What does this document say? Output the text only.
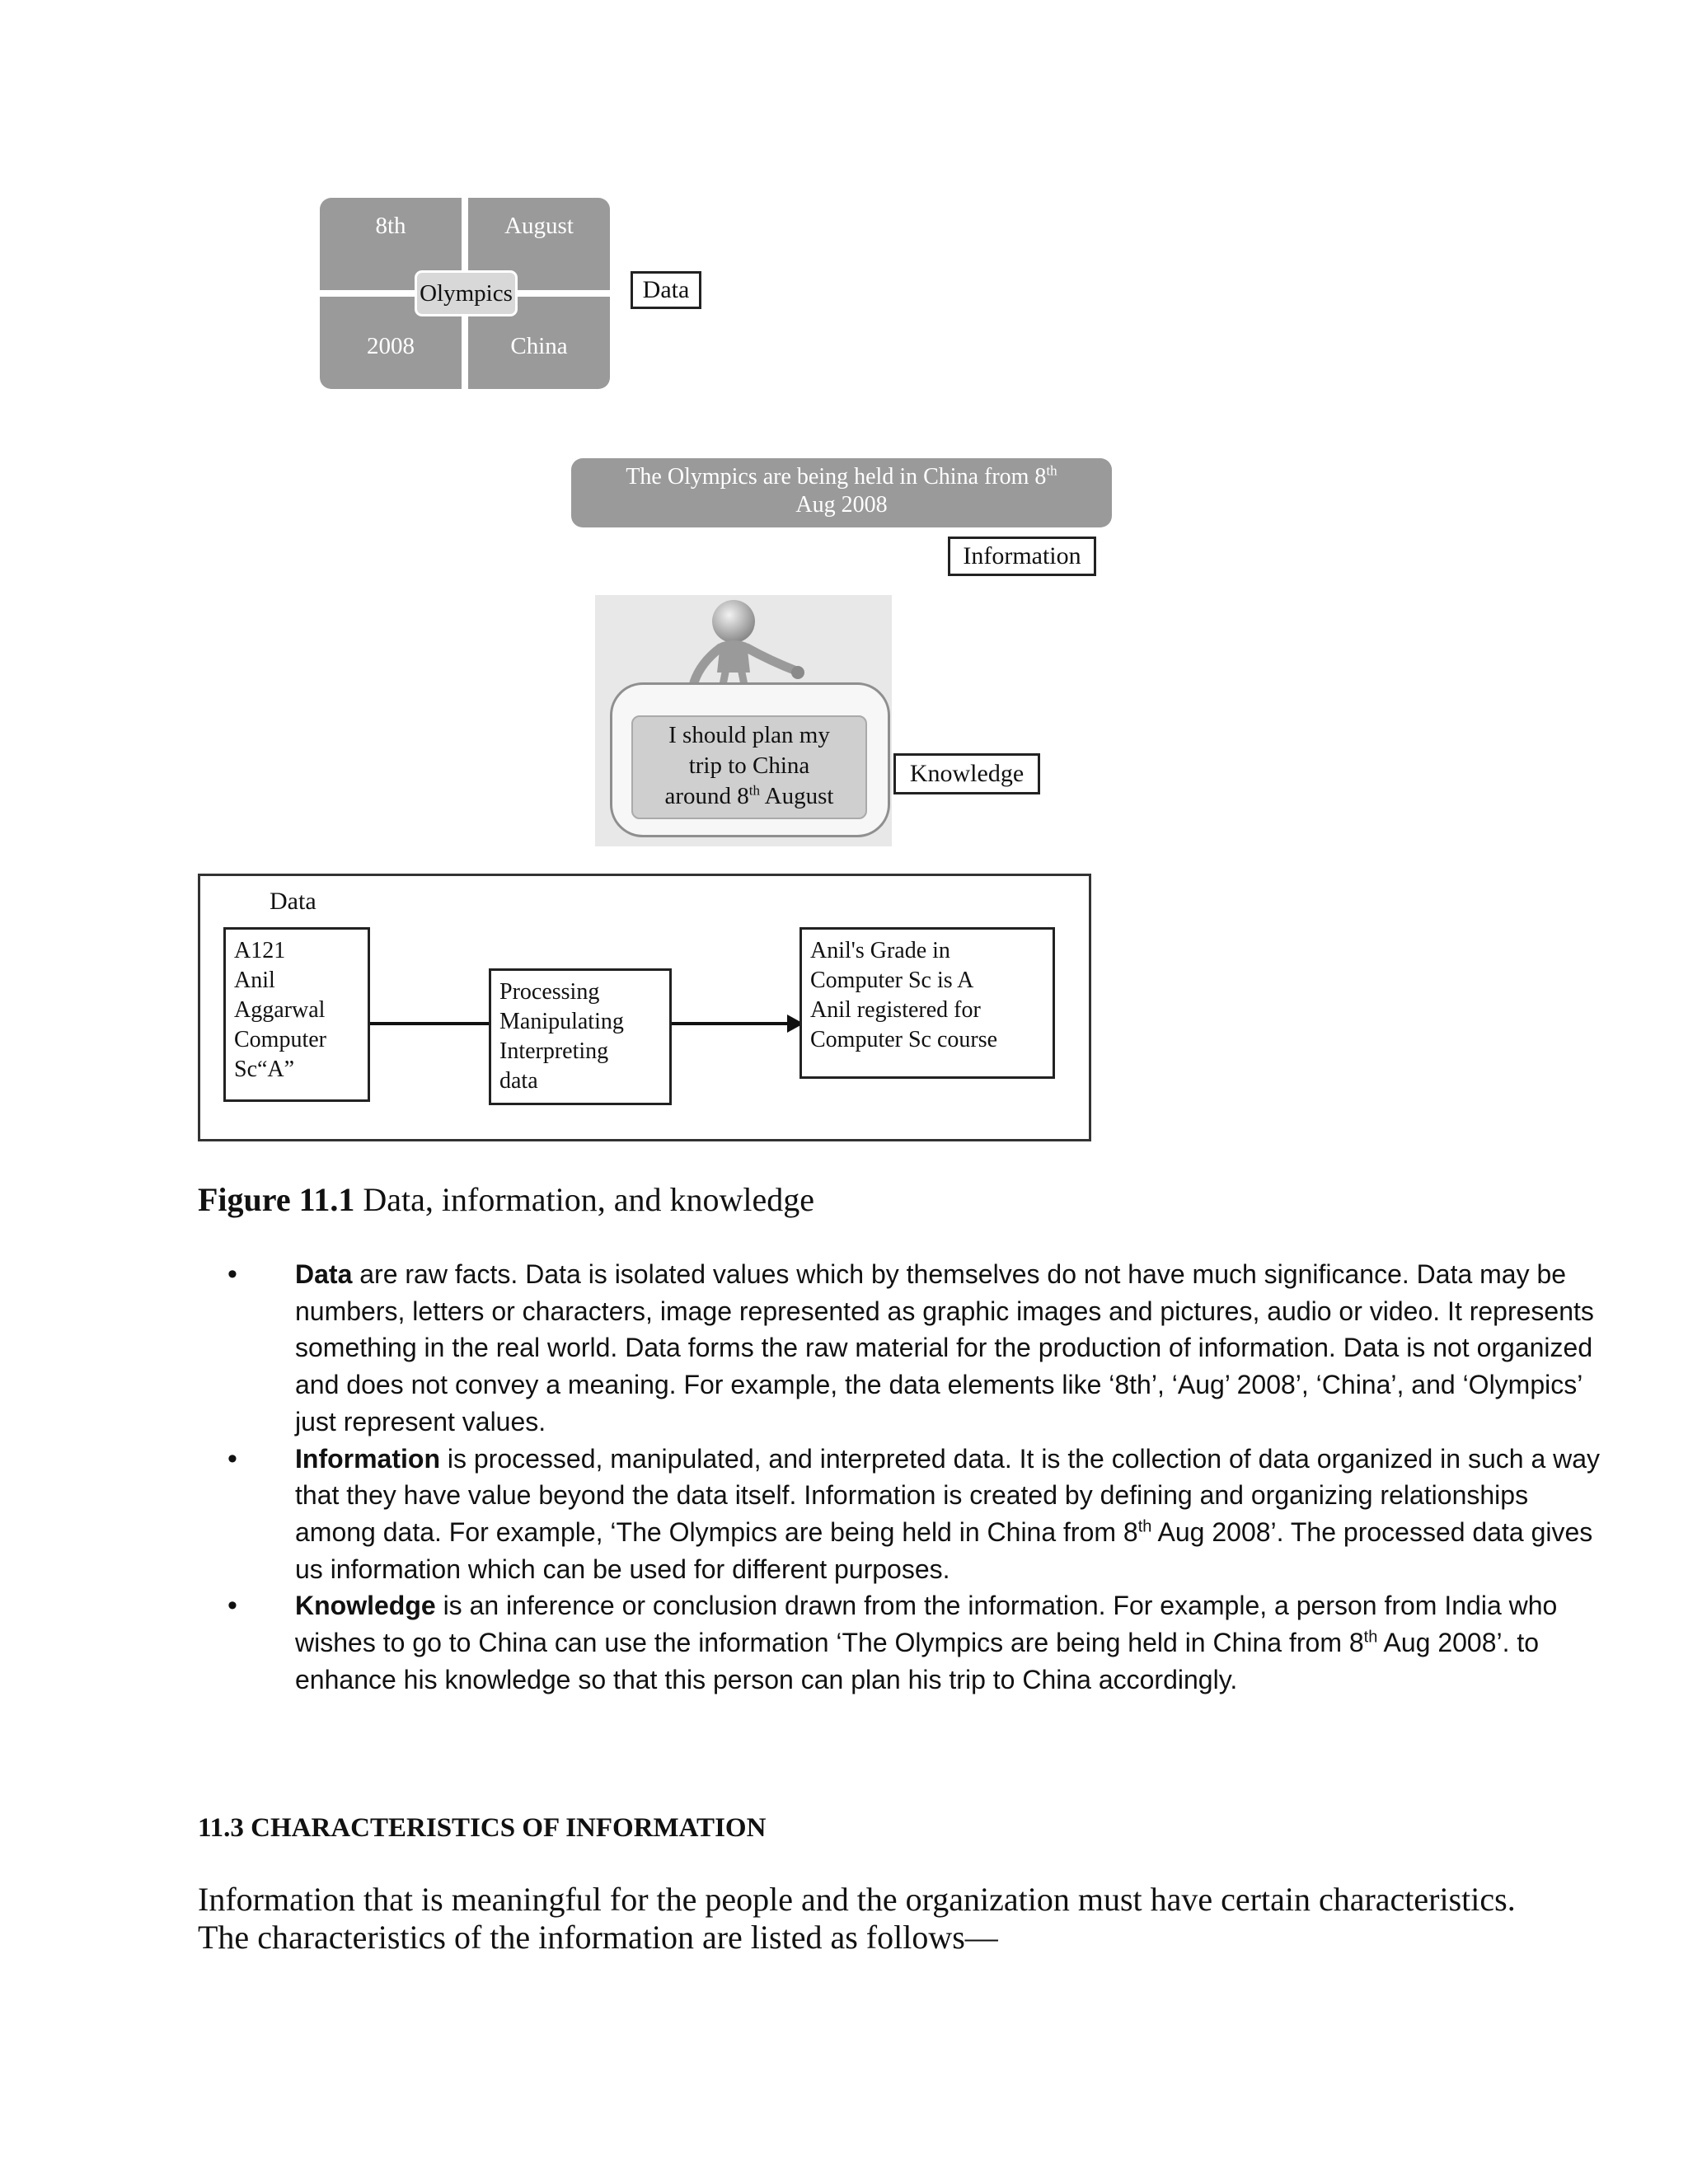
8th	August
2008	China
Olympics	Data
The Olympics are being held in China from 8th
Aug 2008
Information
I should plan my
trip to China
around 8th August
Knowledge
Data
A121
Anil
Aggarwal
Computer
Sc“A”
Processing
Manipulating
Interpreting
data
Anil's Grade in
Computer Sc is A
Anil registered for
Computer Sc course
Figure 11.1 Data, information, and knowledge
• Data are raw facts. Data is isolated values which by themselves do not have much significance. Data may be numbers, letters or characters, image represented as graphic images and pictures, audio or video. It represents something in the real world. Data forms the raw material for the production of information. Data is not organized and does not convey a meaning. For example, the data elements like ‘8th’, ‘Aug’ 2008’, ‘China’, and ‘Olympics’ just represent values.
• Information is processed, manipulated, and interpreted data. It is the collection of data organized in such a way that they have value beyond the data itself. Information is created by defining and organizing relationships among data. For example, ‘The Olympics are being held in China from 8th Aug 2008’. The processed data gives us information which can be used for different purposes.
• Knowledge is an inference or conclusion drawn from the information. For example, a person from India who wishes to go to China can use the information ‘The Olympics are being held in China from 8th Aug 2008’. to enhance his knowledge so that this person can plan his trip to China accordingly.
11.3 CHARACTERISTICS OF INFORMATION
Information that is meaningful for the people and the organization must have certain characteristics. The characteristics of the information are listed as follows—
